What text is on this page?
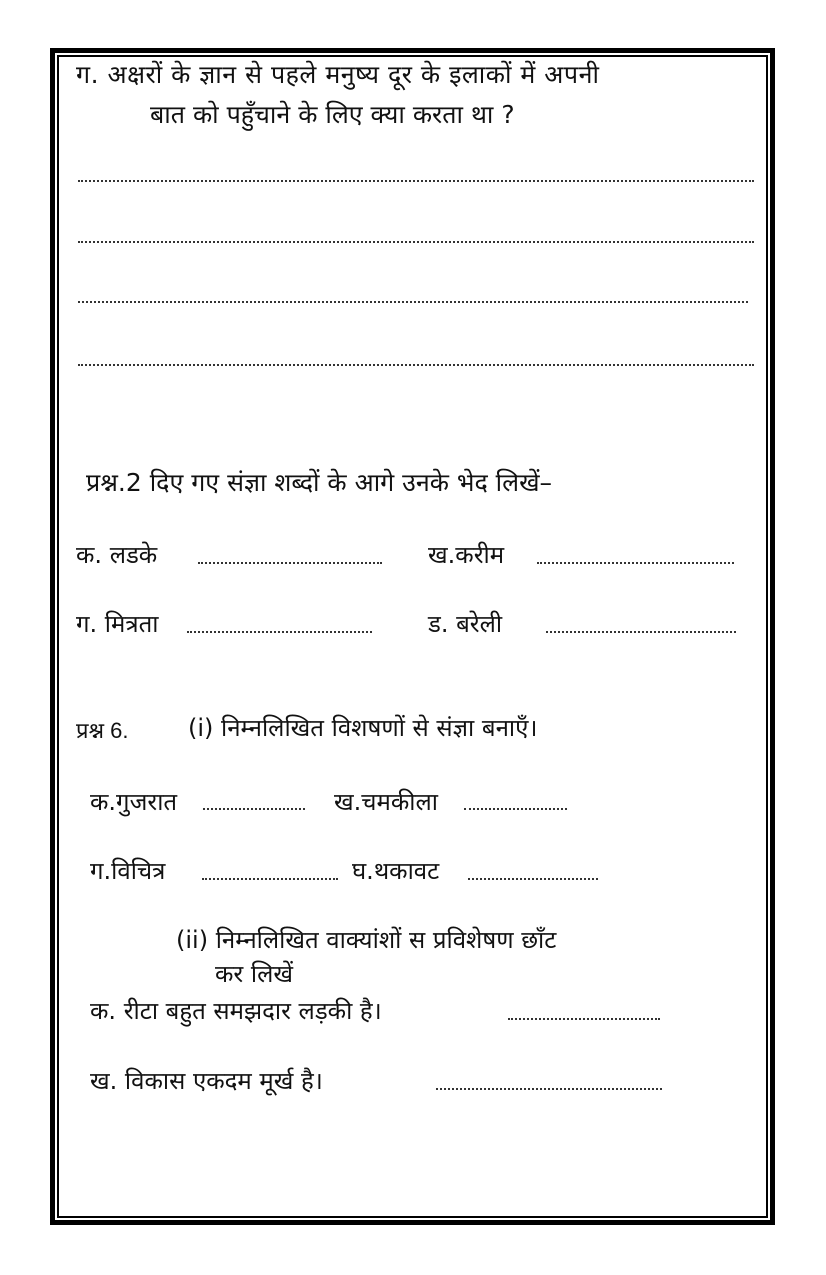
ग. अक्षरों के ज्ञान से पहले मनुष्य दूर के इलाकों में अपनी
बात को पहुँचाने के लिए क्या करता था ?
प्रश्न.2 दिए गए संज्ञा शब्दों के आगे उनके भेद लिखें–
क. लडके	ख.करीम
ग. मित्रता	ड. बरेली
प्रश्न 6. (i) निम्नलिखित विशषणों से संज्ञा बनाएँ।
क.गुजरात	ख.चमकीला
ग.विचित्र	घ.थकावट
(ii) निम्नलिखित वाक्यांशों स प्रविशेषण छाँट
कर लिखें
क. रीटा बहुत समझदार लड़की है।
ख. विकास एकदम मूर्ख है।
